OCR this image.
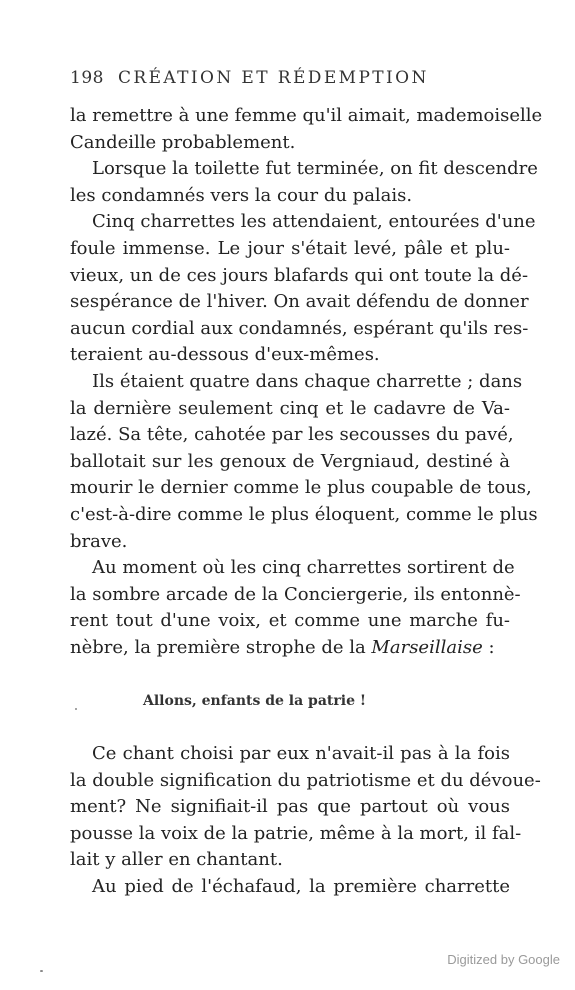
198 CRÉATION ET RÉDEMPTION

la remettre à une femme qu'il aimait, mademoiselle
Candeille probablement.

Lorsque la toilette fut terminée, on fit descendre
les condamnés vers la cour du palais.

Cinq charrettes les attendaient, entourées d'une
foule immense. Le jour s'était levé, pâle et plu-
vieux, un de ces jours blafards qui ont toute la dé-
sespérance de l'hiver. On avait défendu de donner
aucun cordial aux condamnés, espérant qu'ils res-
teraient au-dessous d'eux-mêmes.

Ils étaient quatre dans chaque charrette ; dans
la dernière seulement cinq et le cadavre de Va-
lazé. Sa tête, cahotée par les secousses du pavé,
ballotait sur les genoux de Vergniaud, destiné à
mourir le dernier comme le plus coupable de tous,
c'est-à-dire comme le plus éloquent, comme le plus
brave.

Au moment où les cinq charrettes sortirent de
la sombre arcade de la Conciergerie, ils entonnè-
rent tout d'une voix, et comme une marche fu-
nèbre, la première strophe de la Marseillaise :

Allons, enfants de la patrie !

Ce chant choisi par eux n'avait-il pas à la fois
la double signification du patriotisme et du dévoue-
ment? Ne signifiait-il pas que partout où vous
pousse la voix de la patrie, même à la mort, il fal-
lait y aller en chantant.

Au pied de l'échafaud, la première charrette

Digitized by Google
